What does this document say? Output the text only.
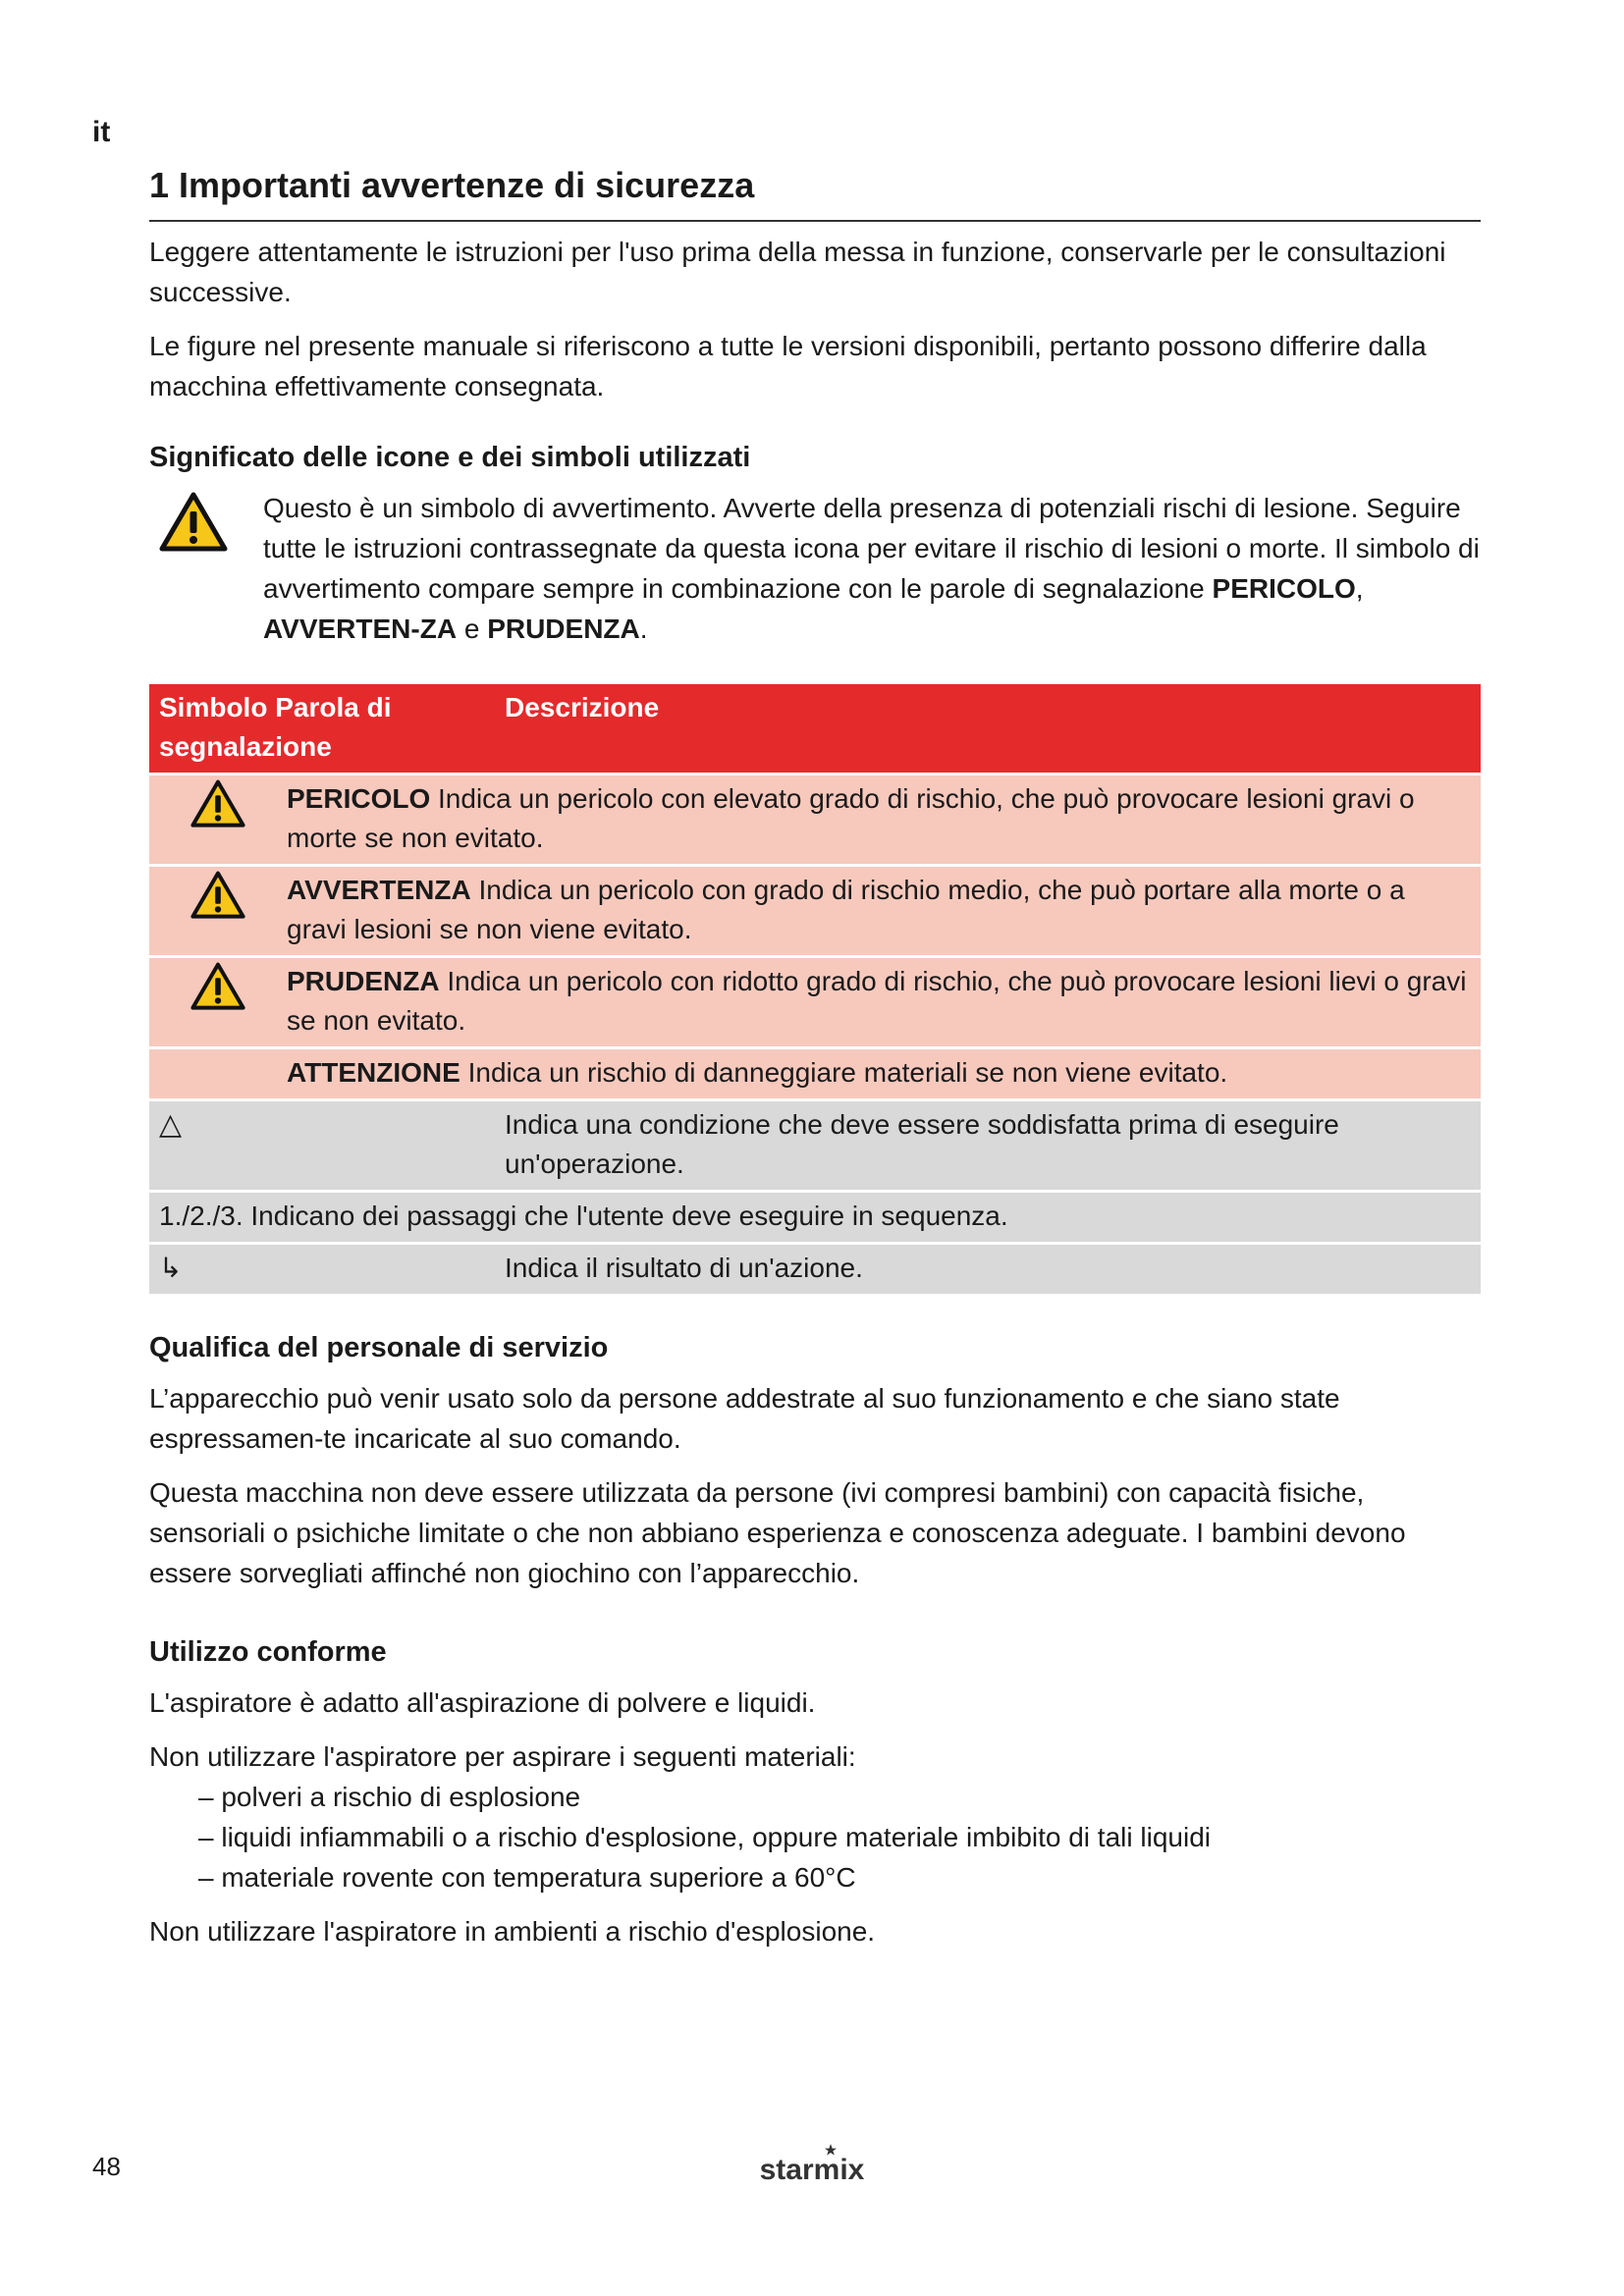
it
1 Importanti avvertenze di sicurezza

Leggere attentamente le istruzioni per l'uso prima della messa in funzione, conservarle per le consultazioni successive.

Le figure nel presente manuale si riferiscono a tutte le versioni disponibili, pertanto possono differire dalla macchina effettivamente consegnata.

Significato delle icone e dei simboli utilizzati
Questo è un simbolo di avvertimento. Avverte della presenza di potenziali rischi di lesione. Seguire tutte le istruzioni contrassegnate da questa icona per evitare il rischio di lesioni o morte. Il simbolo di avvertimento compare sempre in combinazione con le parole di segnalazione PERICOLO, AVVERTEN-ZA e PRUDENZA.
Simbolo Parola di segnalazione		Descrizione
	PERICOLO Indica un pericolo con elevato grado di rischio, che può provocare lesioni gravi o morte se non evitato.	
	AVVERTENZA Indica un pericolo con grado di rischio medio, che può portare alla morte o a gravi lesioni se non viene evitato.	
	PRUDENZA Indica un pericolo con ridotto grado di rischio, che può provocare lesioni lievi o gravi se non evitato.	
	ATTENZIONE Indica un rischio di danneggiare materiali se non viene evitato.	
△		Indica una condizione che deve essere soddisfatta prima di eseguire un'operazione.
1./2./3. Indicano dei passaggi che l'utente deve eseguire in sequenza.		
↳		Indica il risultato di un'azione.
Qualifica del personale di servizio

L’apparecchio può venir usato solo da persone addestrate al suo funzionamento e che siano state espressamen-te incaricate al suo comando.

Questa macchina non deve essere utilizzata da persone (ivi compresi bambini) con capacità fisiche, sensoriali o psichiche limitate o che non abbiano esperienza e conoscenza adeguate. I bambini devono essere sorvegliati affinché non giochino con l’apparecchio.

Utilizzo conforme

L'aspiratore è adatto all'aspirazione di polvere e liquidi.

Non utilizzare l'aspiratore per aspirare i seguenti materiali:

– polveri a rischio di esplosione
– liquidi infiammabili o a rischio d'esplosione, oppure materiale imbibito di tali liquidi
– materiale rovente con temperatura superiore a 60°C

Non utilizzare l'aspiratore in ambienti a rischio d'esplosione.

48	starmix
